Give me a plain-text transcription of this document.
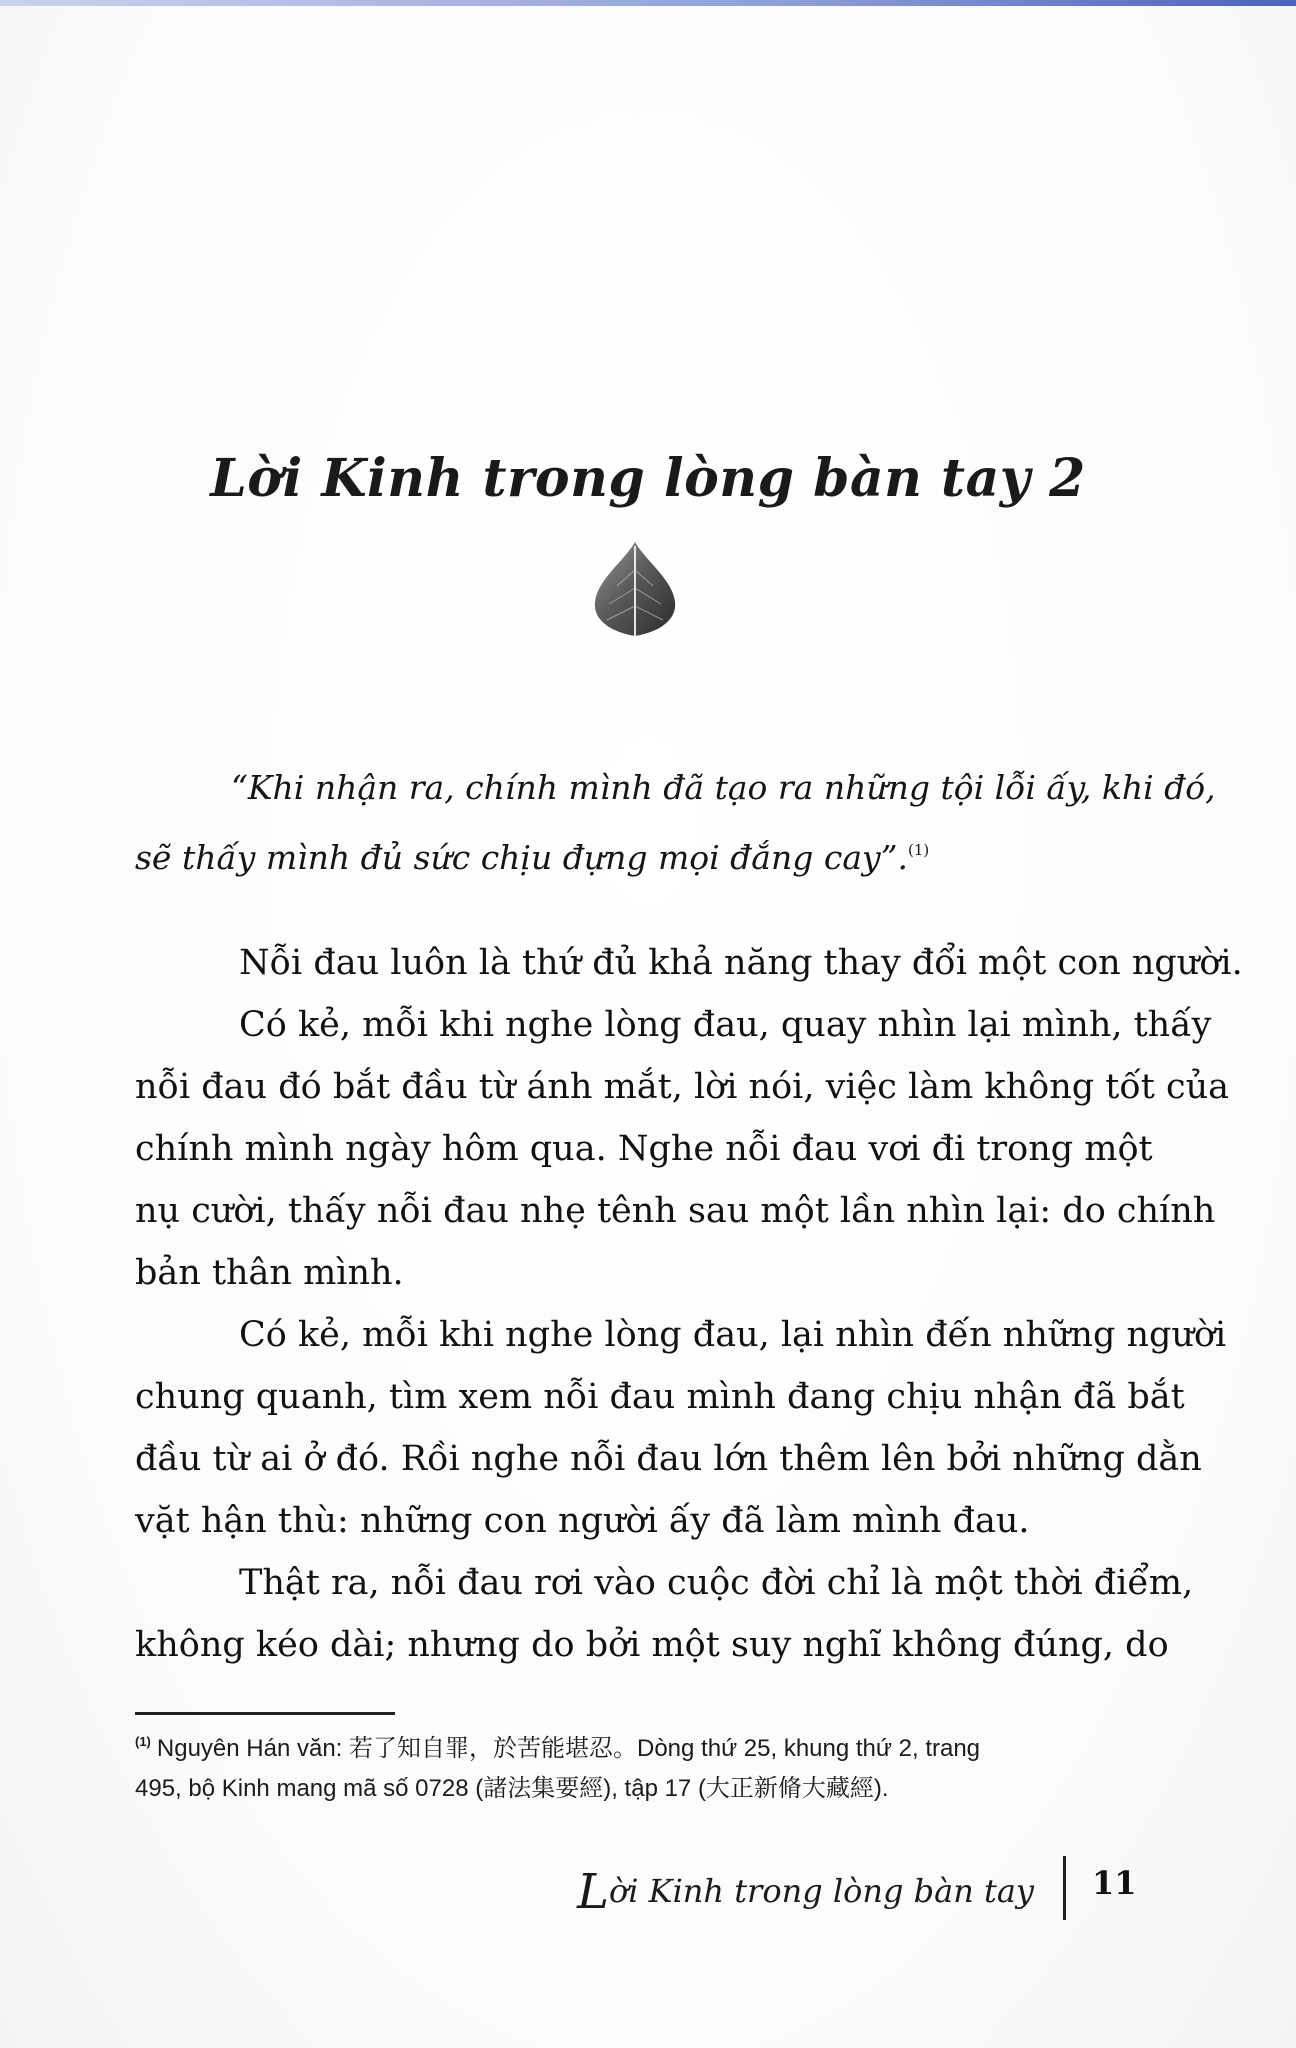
Lời Kinh trong lòng bàn tay 2
“Khi nhận ra, chính mình đã tạo ra những tội lỗi ấy, khi đó,
sẽ thấy mình đủ sức chịu đựng mọi đắng cay”.$^{(1)}$
Nỗi đau luôn là thứ đủ khả năng thay đổi một con người.
Có kẻ, mỗi khi nghe lòng đau, quay nhìn lại mình, thấy
nỗi đau đó bắt đầu từ ánh mắt, lời nói, việc làm không tốt của
chính mình ngày hôm qua. Nghe nỗi đau vơi đi trong một
nụ cười, thấy nỗi đau nhẹ tênh sau một lần nhìn lại: do chính
bản thân mình.
Có kẻ, mỗi khi nghe lòng đau, lại nhìn đến những người
chung quanh, tìm xem nỗi đau mình đang chịu nhận đã bắt
đầu từ ai ở đó. Rồi nghe nỗi đau lớn thêm lên bởi những dằn
vặt hận thù: những con người ấy đã làm mình đau.
Thật ra, nỗi đau rơi vào cuộc đời chỉ là một thời điểm,
không kéo dài; nhưng do bởi một suy nghĩ không đúng, do
$^{(1)}$ Nguyên Hán văn: 若了知自罪，於苦能堪忍。Dòng thứ 25, khung thứ 2, trang
495, bộ Kinh mang mã số 0728 (諸法集要經), tập 17 (大正新脩大藏經).
Lời Kinh trong lòng bàn tay 11
